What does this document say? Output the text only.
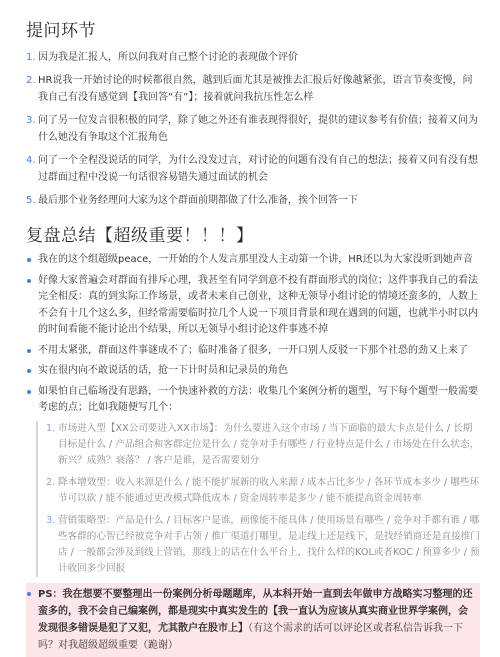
提问环节
1. 因为我是汇报人，所以问我对自己整个讨论的表现做个评价
2. HR说我一开始讨论的时候都很自然，越到后面尤其是被推去汇报后好像越紧张，语言节奏变慢，问我自己有没有感觉到【我回答“有”】；接着就问我抗压性怎么样
3. 问了另一位发言很积极的同学，除了她之外还有谁表现得很好，提供的建议参考有价值；接着又问为什么她没有争取这个汇报角色
4. 问了一个全程没说话的同学，为什么没发过言，对讨论的问题有没有自己的想法；接着又问有没有想过群面过程中没说一句话很容易错失通过面试的机会
5. 最后那个业务经理问大家为这个群面前期都做了什么准备，挨个回答一下
复盘总结【超级重要！！！】
我在的这个组超级peace，一开始的个人发言那里没人主动第一个讲，HR还以为大家没听到她声音
好像大家普遍会对群面有排斥心理，我甚至有同学到意不投有群面形式的岗位；这件事我自己的看法完全相反：真的到实际工作场景，或者未来自己创业，这种无领导小组讨论的情境还蛮多的，人数上不会有十几个这么多，但经常需要临时拉几个人说一下项目背景和现在遇到的问题，也就半小时以内的时间看能不能讨论出个结果，所以无领导小组讨论这件事逃不掉
不用太紧张，群面这件事谜成不了；临时准备了很多，一开口别人反驳一下那个社恐的劲又上来了
实在很内向不敢说话的话，抢一下计时员和记录员的角色
如果怕自己临场没有思路，一个快速补救的方法：收集几个案例分析的题型，写下每个题型一般需要考虑的点；比如我随便写几个：
1. 市场进入型【XX公司要进入XX市场】：为什么要进入这个市场 / 当下面临的最大卡点是什么 / 长期目标是什么 / 产品组合和客群定位是什么 / 竞争对手有哪些 / 行业特点是什么 / 市场处在什么状态，新兴？成熟？衰落？ / 客户是谁，是否需要划分
2. 降本增效型：收入来源是什么 / 能不能扩展新的收入来源 / 成本占比多少 / 各环节成本多少 / 哪些环节可以砍 / 能不能通过更改模式降低成本 / 资金周转率是多少 / 能不能提高资金周转率
3. 营销策略型：产品是什么 / 目标客户是谁，画像能不能具体 / 使用场景有哪些 / 竞争对手都有谁 / 哪些客群的心智已经被竞争对手占领 / 推广渠道打哪里，是走线上还是线下，是找经销商还是直接推门店 / 一般都会涉及到线上营销，那线上的话在什么平台上，找什么样的KOL或者KOC / 预算多少 / 预计收回多少回报
PS：我在想要不要整理出一份案例分析母题题库，从本科开始一直到去年做申方战略实习整理的还蛮多的，我不会自己编案例，都是现实中真实发生的【我一直认为应该从真实商业世界学案例，会发现很多错误是犯了又犯，尤其散户在股市上】（有这个需求的话可以评论区或者私信告诉我一下吗？对我超级超级重要（跪谢）
